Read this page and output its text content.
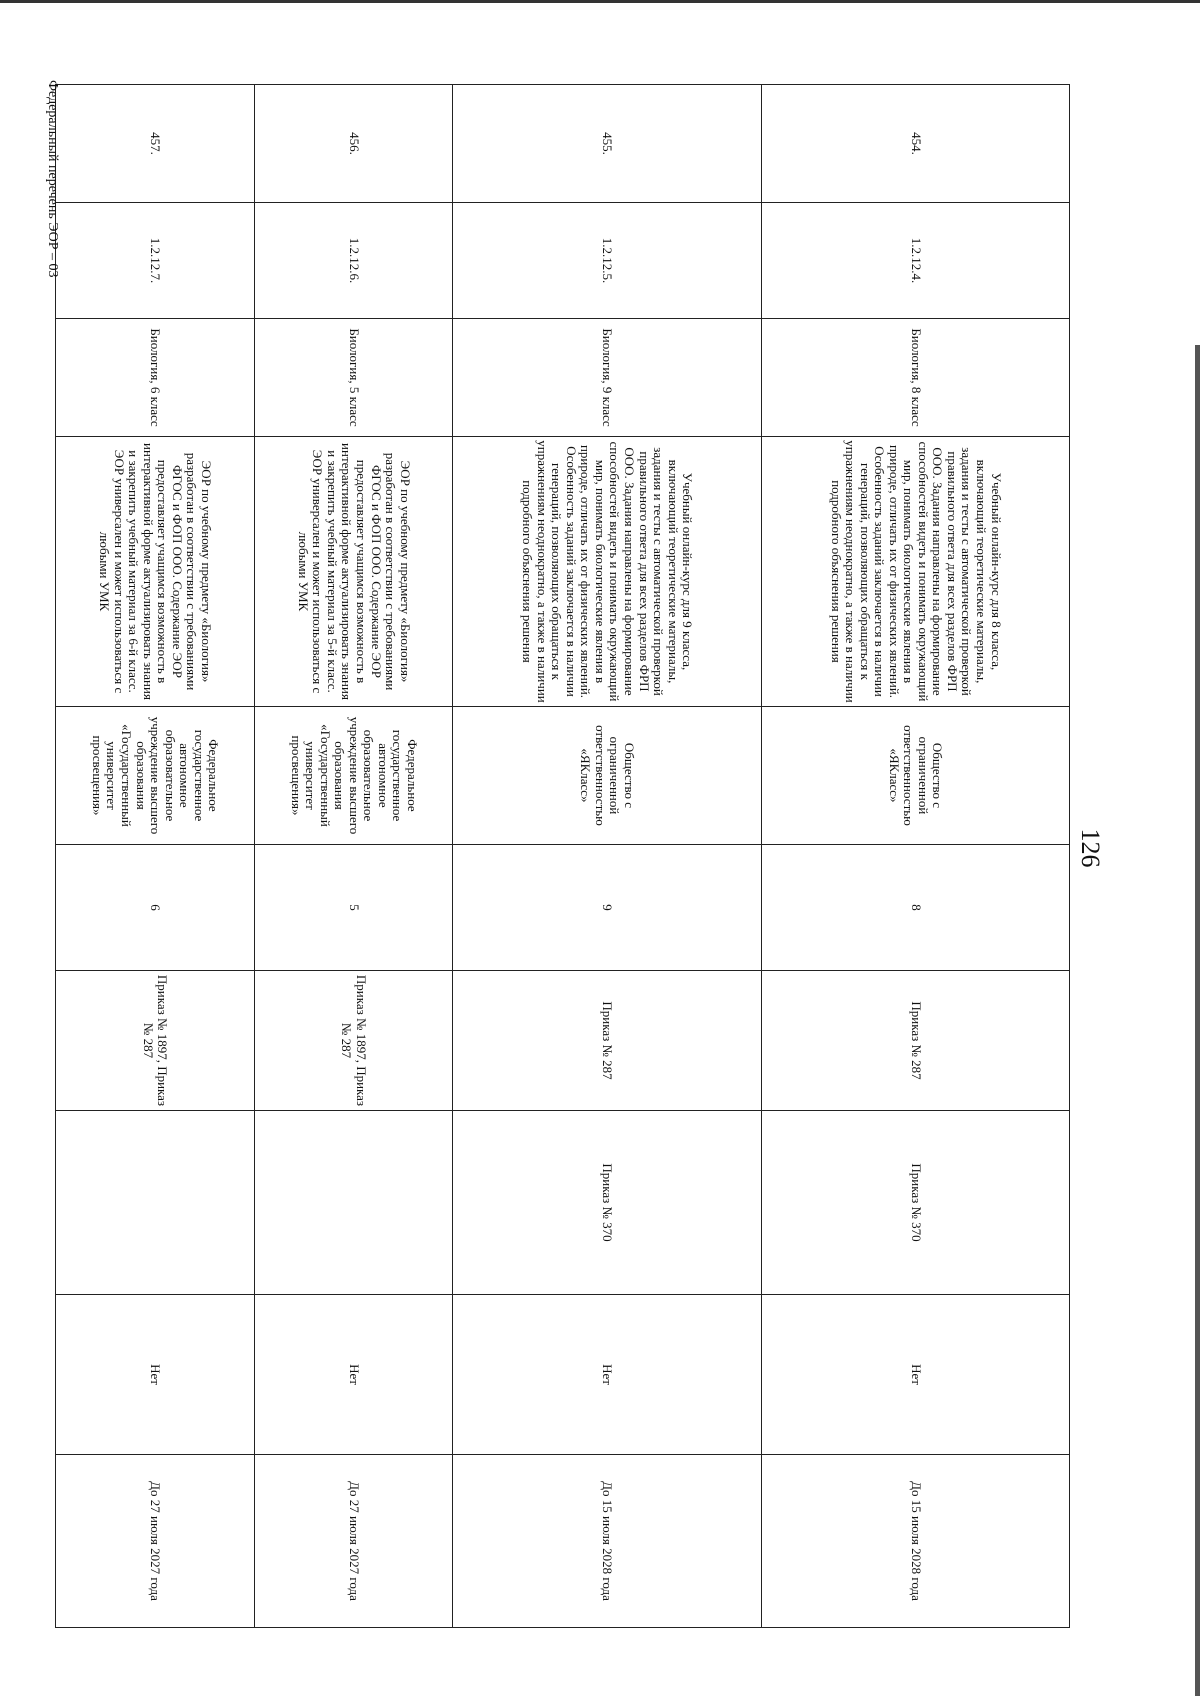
126
454.	1.2.12.4.	Биология, 8 класс	Учебный онлайн-курс для 8 класса, включающий теоретические материалы, задания и тесты с автоматической проверкой правильного ответа для всех разделов ФРП ООО. Задания направлены на формирование способностей видеть и понимать окружающий мир, понимать биологические явления в природе, отличать их от физических явлений. Особенность заданий заключается в наличии генераций, позволяющих обращаться к упражнениям неоднократно, а также в наличии подробного объяснения решения	Общество с ограниченной ответственностью «ЯКласс»	8	Приказ № 287	Приказ № 370	Нет	До 15 июля 2028 года
455.	1.2.12.5.	Биология, 9 класс	Учебный онлайн-курс для 9 класса, включающий теоретические материалы, задания и тесты с автоматической проверкой правильного ответа для всех разделов ФРП ООО. Задания направлены на формирование способностей видеть и понимать окружающий мир, понимать биологические явления в природе, отличать их от физических явлений. Особенность заданий заключается в наличии генераций, позволяющих обращаться к упражнениям неоднократно, а также в наличии подробного объяснения решения	Общество с ограниченной ответственностью «ЯКласс»	9	Приказ № 287	Приказ № 370	Нет	До 15 июля 2028 года
456.	1.2.12.6.	Биология, 5 класс	ЭОР по учебному предмету «Биология» разработан в соответствии с требованиями ФГОС и ФОП ООО. Содержание ЭОР предоставляет учащимся возможность в интерактивной форме актуализировать знания и закрепить учебный материал за 5-й класс. ЭОР универсален и может использоваться с любыми УМК	Федеральное государственное автономное образовательное учреждение высшего образования «Государственный университет просвещения»	5	Приказ № 1897, Приказ № 287		Нет	До 27 июля 2027 года
457.	1.2.12.7.	Биология, 6 класс	ЭОР по учебному предмету «Биология» разработан в соответствии с требованиями ФГОС и ФОП ООО. Содержание ЭОР предоставляет учащимся возможность в интерактивной форме актуализировать знания и закрепить учебный материал за 6-й класс. ЭОР универсален и может использоваться с любыми УМК	Федеральное государственное автономное образовательное учреждение высшего образования «Государственный университет просвещения»	6	Приказ № 1897, Приказ № 287		Нет	До 27 июля 2027 года
Федеральный перечень ЭОР – 03
